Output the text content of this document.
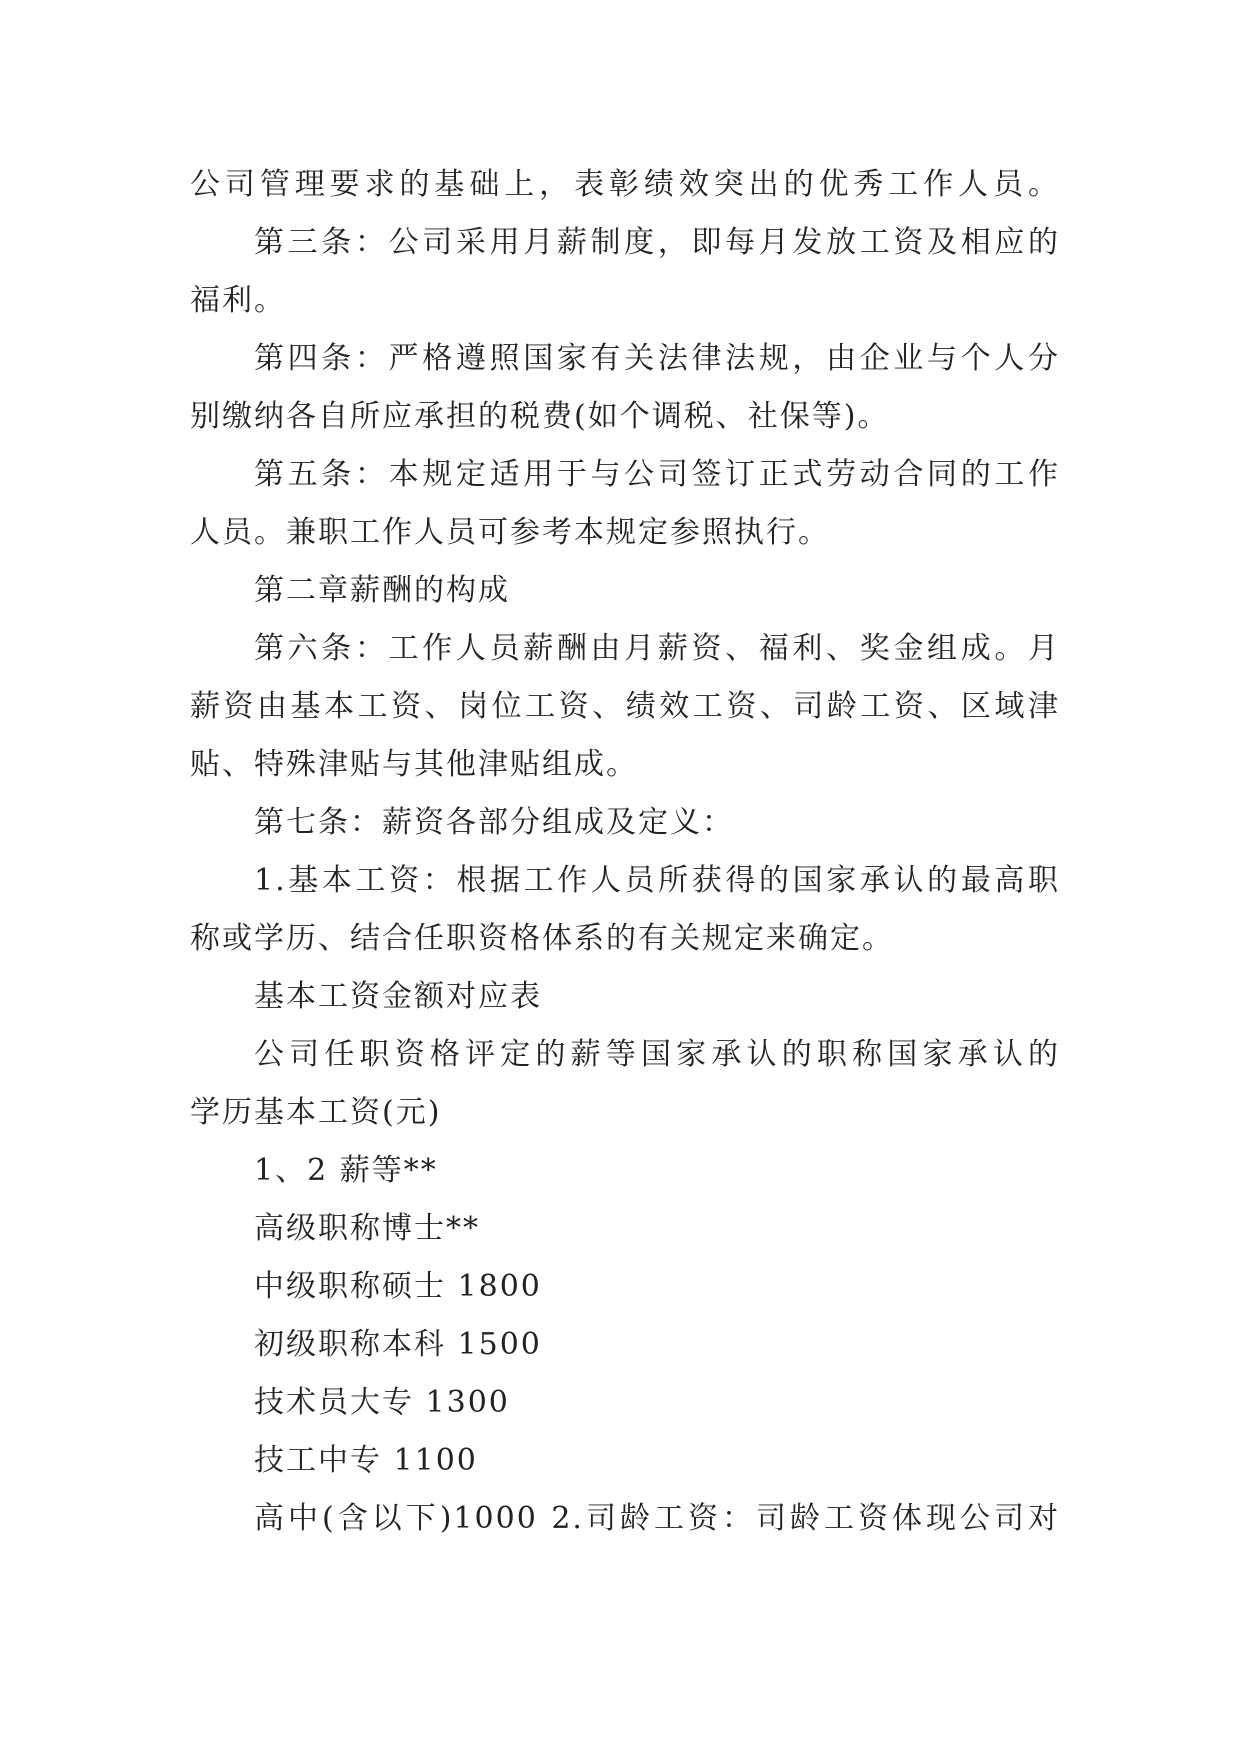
公司管理要求的基础上，表彰绩效突出的优秀工作人员。
第三条：公司采用月薪制度，即每月发放工资及相应的
福利。
第四条：严格遵照国家有关法律法规，由企业与个人分
别缴纳各自所应承担的税费(如个调税、社保等)。
第五条：本规定适用于与公司签订正式劳动合同的工作
人员。兼职工作人员可参考本规定参照执行。
第二章薪酬的构成
第六条：工作人员薪酬由月薪资、福利、奖金组成。月
薪资由基本工资、岗位工资、绩效工资、司龄工资、区域津
贴、特殊津贴与其他津贴组成。
第七条：薪资各部分组成及定义：
1.基本工资：根据工作人员所获得的国家承认的最高职
称或学历、结合任职资格体系的有关规定来确定。
基本工资金额对应表
公司任职资格评定的薪等国家承认的职称国家承认的
学历基本工资(元)
1、2 薪等**
高级职称博士**
中级职称硕士 1800
初级职称本科 1500
技术员大专 1300
技工中专 1100
高中(含以下)1000 2.司龄工资：司龄工资体现公司对
